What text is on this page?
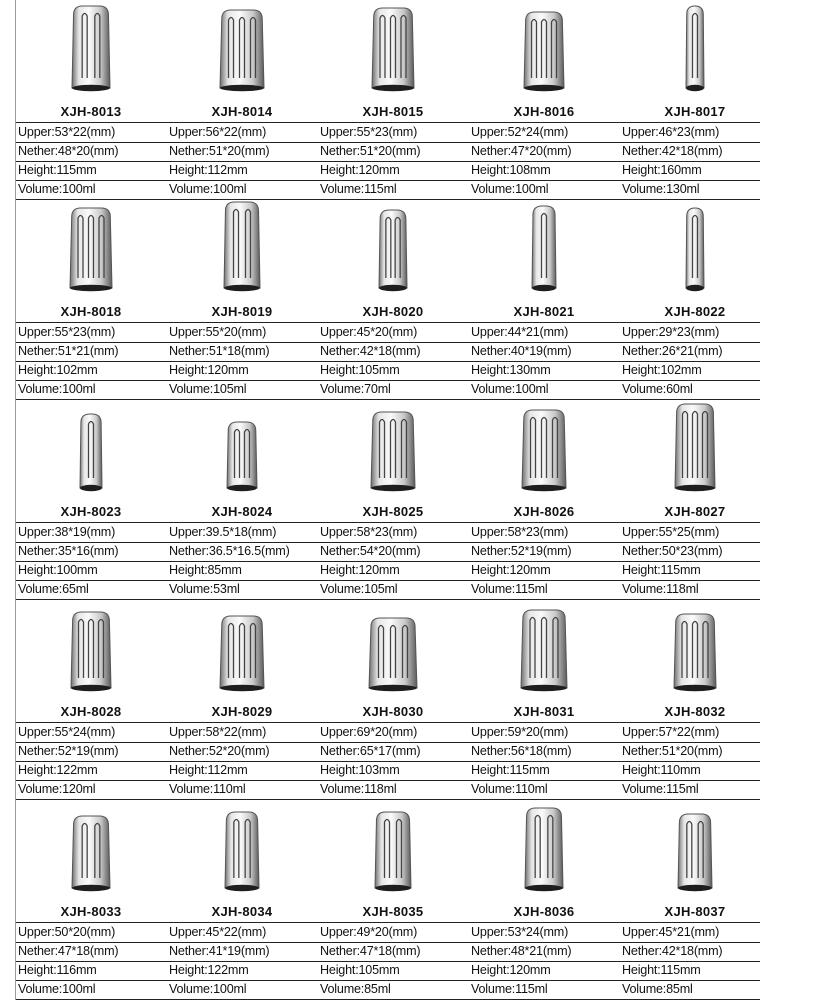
XJH-8013	XJH-8014	XJH-8015	XJH-8016	XJH-8017
Upper:53*22(mm)	Upper:56*22(mm)	Upper:55*23(mm)	Upper:52*24(mm)	Upper:46*23(mm)
Nether:48*20(mm)	Nether:51*20(mm)	Nether:51*20(mm)	Nether:47*20(mm)	Nether:42*18(mm)
Height:115mm	Height:112mm	Height:120mm	Height:108mm	Height:160mm
Volume:100ml	Volume:100ml	Volume:115ml	Volume:100ml	Volume:130ml
XJH-8018	XJH-8019	XJH-8020	XJH-8021	XJH-8022
Upper:55*23(mm)	Upper:55*20(mm)	Upper:45*20(mm)	Upper:44*21(mm)	Upper:29*23(mm)
Nether:51*21(mm)	Nether:51*18(mm)	Nether:42*18(mm)	Nether:40*19(mm)	Nether:26*21(mm)
Height:102mm	Height:120mm	Height:105mm	Height:130mm	Height:102mm
Volume:100ml	Volume:105ml	Volume:70ml	Volume:100ml	Volume:60ml
XJH-8023	XJH-8024	XJH-8025	XJH-8026	XJH-8027
Upper:38*19(mm)	Upper:39.5*18(mm)	Upper:58*23(mm)	Upper:58*23(mm)	Upper:55*25(mm)
Nether:35*16(mm)	Nether:36.5*16.5(mm)	Nether:54*20(mm)	Nether:52*19(mm)	Nether:50*23(mm)
Height:100mm	Height:85mm	Height:120mm	Height:120mm	Height:115mm
Volume:65ml	Volume:53ml	Volume:105ml	Volume:115ml	Volume:118ml
XJH-8028	XJH-8029	XJH-8030	XJH-8031	XJH-8032
Upper:55*24(mm)	Upper:58*22(mm)	Upper:69*20(mm)	Upper:59*20(mm)	Upper:57*22(mm)
Nether:52*19(mm)	Nether:52*20(mm)	Nether:65*17(mm)	Nether:56*18(mm)	Nether:51*20(mm)
Height:122mm	Height:112mm	Height:103mm	Height:115mm	Height:110mm
Volume:120ml	Volume:110ml	Volume:118ml	Volume:110ml	Volume:115ml
XJH-8033	XJH-8034	XJH-8035	XJH-8036	XJH-8037
Upper:50*20(mm)	Upper:45*22(mm)	Upper:49*20(mm)	Upper:53*24(mm)	Upper:45*21(mm)
Nether:47*18(mm)	Nether:41*19(mm)	Nether:47*18(mm)	Nether:48*21(mm)	Nether:42*18(mm)
Height:116mm	Height:122mm	Height:105mm	Height:120mm	Height:115mm
Volume:100ml	Volume:100ml	Volume:85ml	Volume:115ml	Volume:85ml
